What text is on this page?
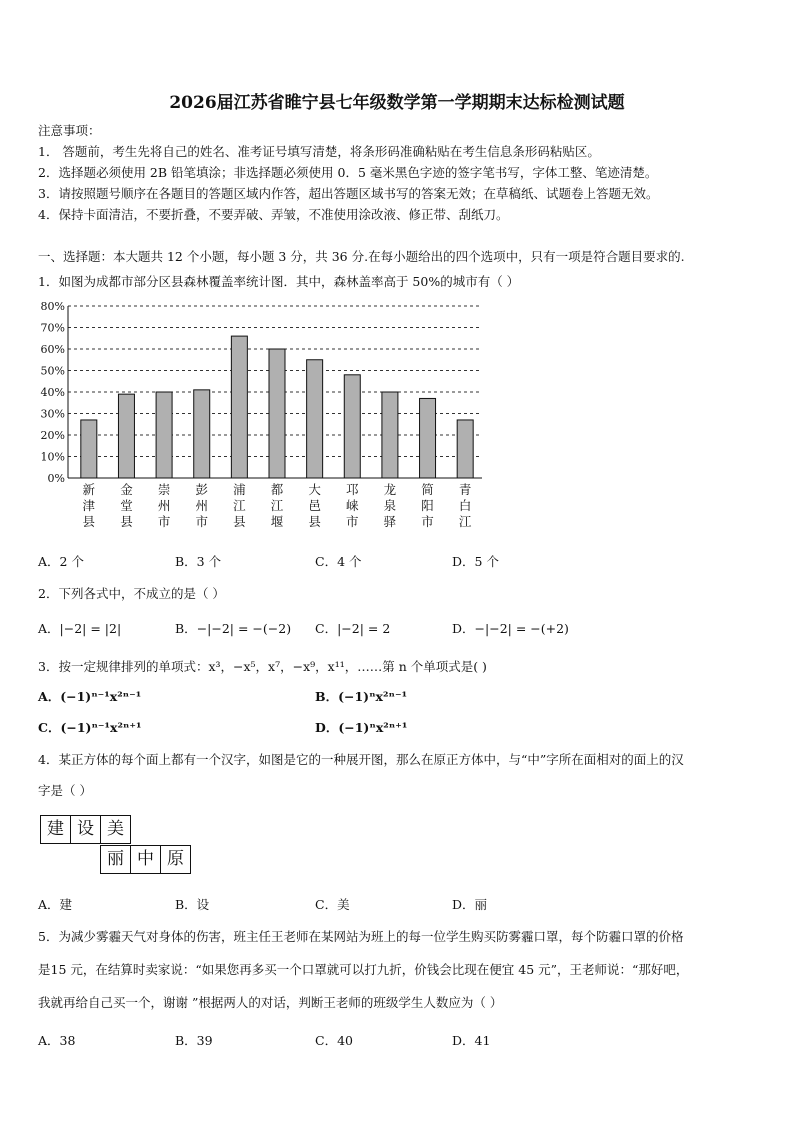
2026届江苏省睢宁县七年级数学第一学期期末达标检测试题
注意事项：
1． 答题前，考生先将自己的姓名、准考证号填写清楚，将条形码准确粘贴在考生信息条形码粘贴区。
2．选择题必须使用 2B 铅笔填涂；非选择题必须使用 0．5 毫米黑色字迹的签字笔书写，字体工整、笔迹清楚。
3．请按照题号顺序在各题目的答题区域内作答，超出答题区域书写的答案无效；在草稿纸、试题卷上答题无效。
4．保持卡面清洁，不要折叠，不要弄破、弄皱，不准使用涂改液、修正带、刮纸刀。
一、选择题：本大题共 12 个小题，每小题 3 分，共 36 分.在每小题给出的四个选项中，只有一项是符合题目要求的.
1．如图为成都市部分区县森林覆盖率统计图．其中，森林盖率高于 50%的城市有（ ）
0%
10%
20%
30%
40%
50%
60%
70%
80%
新津县
金堂县
崇州市
彭州市
浦江县
都江堰
大邑县
邛崃市
龙泉驿
简阳市
青白江
A．2 个	B．3 个	C．4 个	D．5 个
2．下列各式中，不成立的是（ ）
A．|−2| = |2|	B．−|−2| = −(−2) C．|−2| = 2	D．−|−2| = −(+2)
3．按一定规律排列的单项式：x³，−x⁵，x⁷，−x⁹，x¹¹，……第 n 个单项式是( )
A．(−1)ⁿ⁻¹x²ⁿ⁻¹	B．(−1)ⁿx²ⁿ⁻¹
C．(−1)ⁿ⁻¹x²ⁿ⁺¹	D．(−1)ⁿx²ⁿ⁺¹
4．某正方体的每个面上都有一个汉字，如图是它的一种展开图，那么在原正方体中，与“中”字所在面相对的面上的汉
字是（ ）
建 设 美
丽 中 原
A．建	B．设	C．美	D．丽
5．为减少雾霾天气对身体的伤害，班主任王老师在某网站为班上的每一位学生购买防雾霾口罩，每个防霾口罩的价格
是15 元，在结算时卖家说：“如果您再多买一个口罩就可以打九折，价钱会比现在便宜 45 元”，王老师说：“那好吧，
我就再给自己买一个，谢谢 ”根据两人的对话，判断王老师的班级学生人数应为（ ）
A．38	B．39	C．40	D．41
